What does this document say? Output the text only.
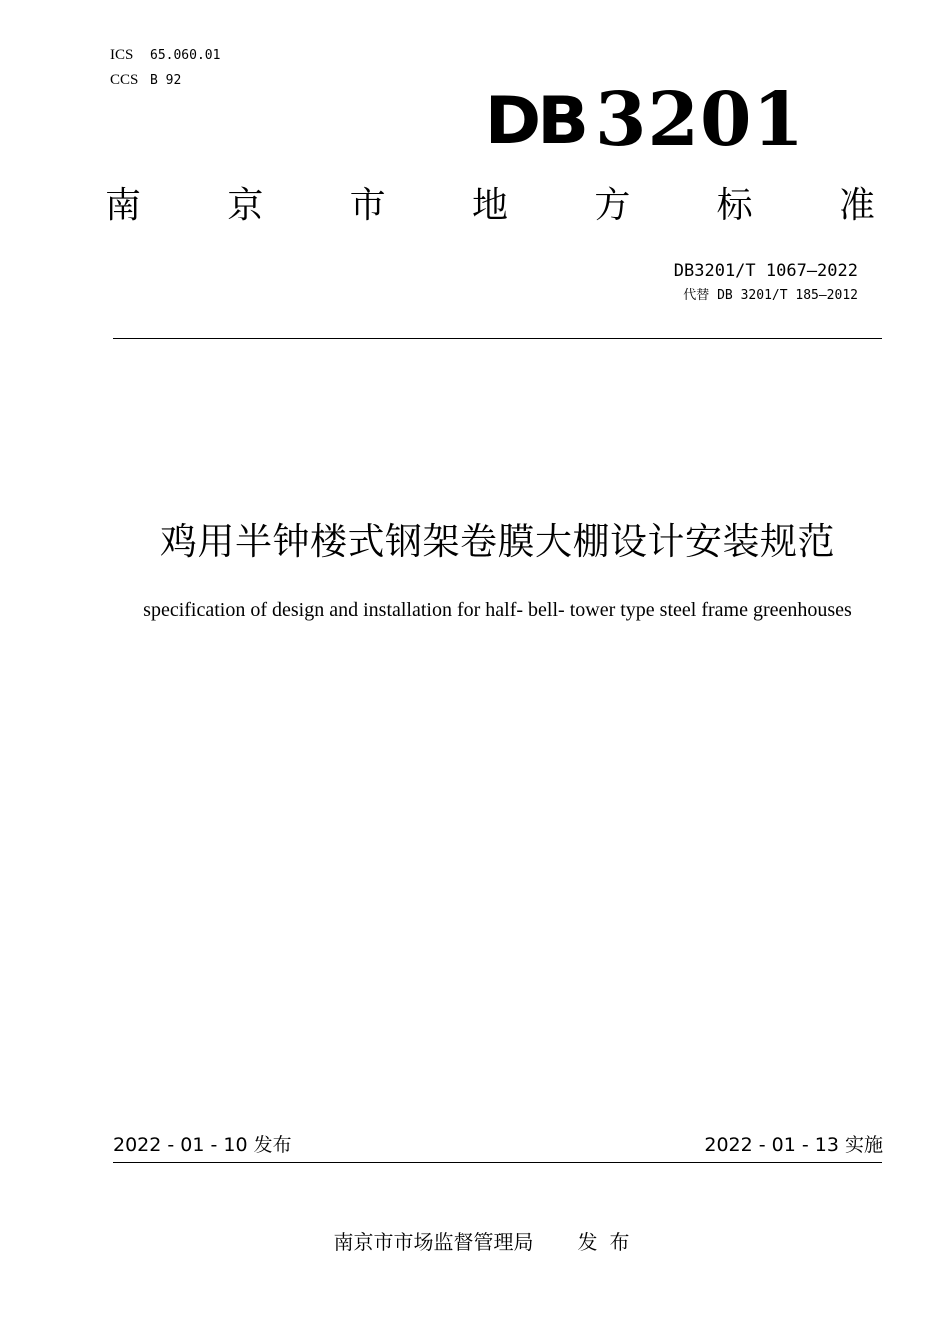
ICS 65.060.01
CCS B 92
DB 3201
南 京 市 地 方 标 准
DB3201/T 1067—2022
代替 DB 3201/T 185—2012
鸡用半钟楼式钢架卷膜大棚设计安装规范
specification of design and installation for half- bell- tower type steel frame greenhouses
2022 - 01 - 10 发布	2022 - 01 - 13 实施
南京市市场监督管理局 发布
